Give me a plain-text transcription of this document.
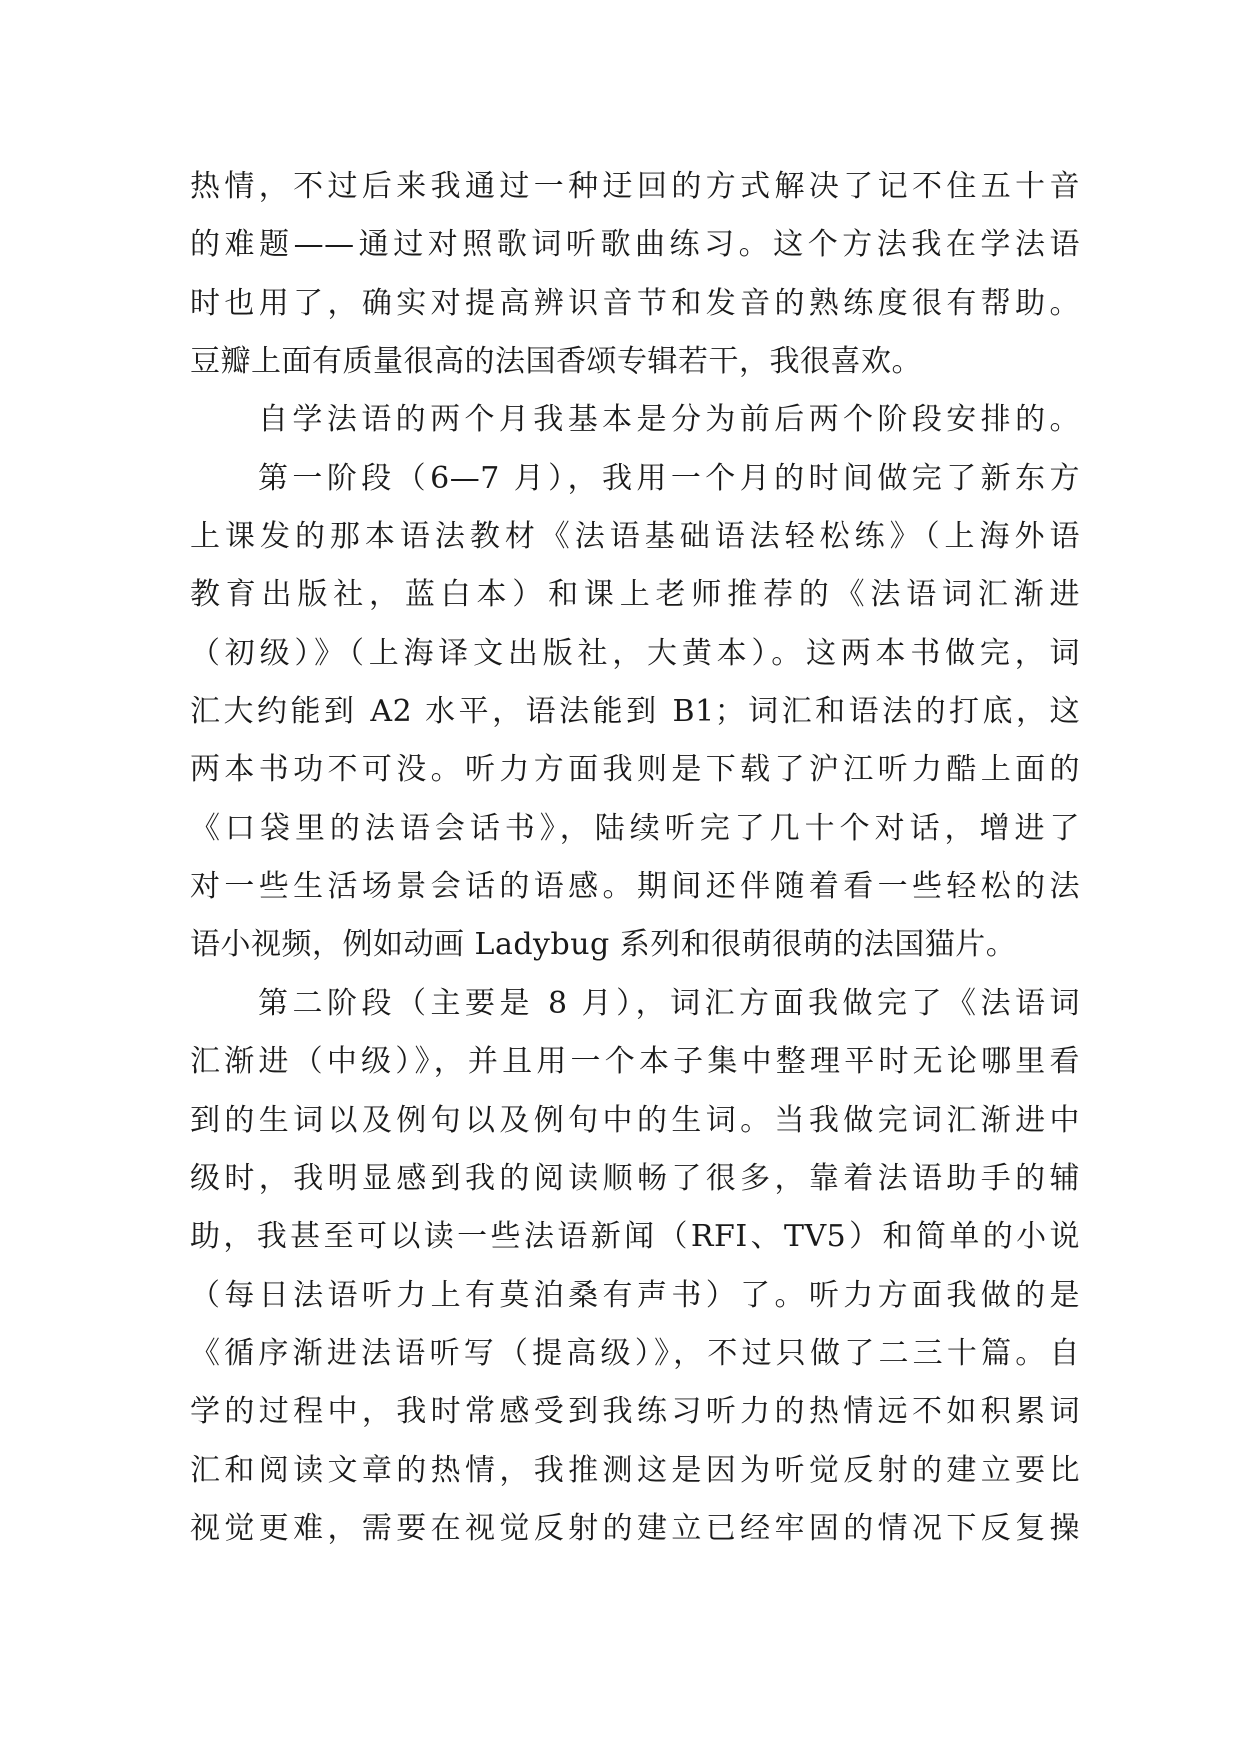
热情，不过后来我通过一种迂回的方式解决了记不住五十音
的难题——通过对照歌词听歌曲练习。这个方法我在学法语
时也用了，确实对提高辨识音节和发音的熟练度很有帮助。
豆瓣上面有质量很高的法国香颂专辑若干，我很喜欢。
自学法语的两个月我基本是分为前后两个阶段安排的。
第一阶段（6—7 月），我用一个月的时间做完了新东方
上课发的那本语法教材《法语基础语法轻松练》（上海外语
教育出版社，蓝白本）和课上老师推荐的《法语词汇渐进
（初级）》（上海译文出版社，大黄本）。这两本书做完，词
汇大约能到 A2 水平，语法能到 B1；词汇和语法的打底，这
两本书功不可没。听力方面我则是下载了沪江听力酷上面的
《口袋里的法语会话书》，陆续听完了几十个对话，增进了
对一些生活场景会话的语感。期间还伴随着看一些轻松的法
语小视频，例如动画 Ladybug 系列和很萌很萌的法国猫片。
第二阶段（主要是 8 月），词汇方面我做完了《法语词
汇渐进（中级）》，并且用一个本子集中整理平时无论哪里看
到的生词以及例句以及例句中的生词。当我做完词汇渐进中
级时，我明显感到我的阅读顺畅了很多，靠着法语助手的辅
助，我甚至可以读一些法语新闻（RFI、TV5）和简单的小说
（每日法语听力上有莫泊桑有声书）了。听力方面我做的是
《循序渐进法语听写（提高级）》，不过只做了二三十篇。自
学的过程中，我时常感受到我练习听力的热情远不如积累词
汇和阅读文章的热情，我推测这是因为听觉反射的建立要比
视觉更难，需要在视觉反射的建立已经牢固的情况下反复操
